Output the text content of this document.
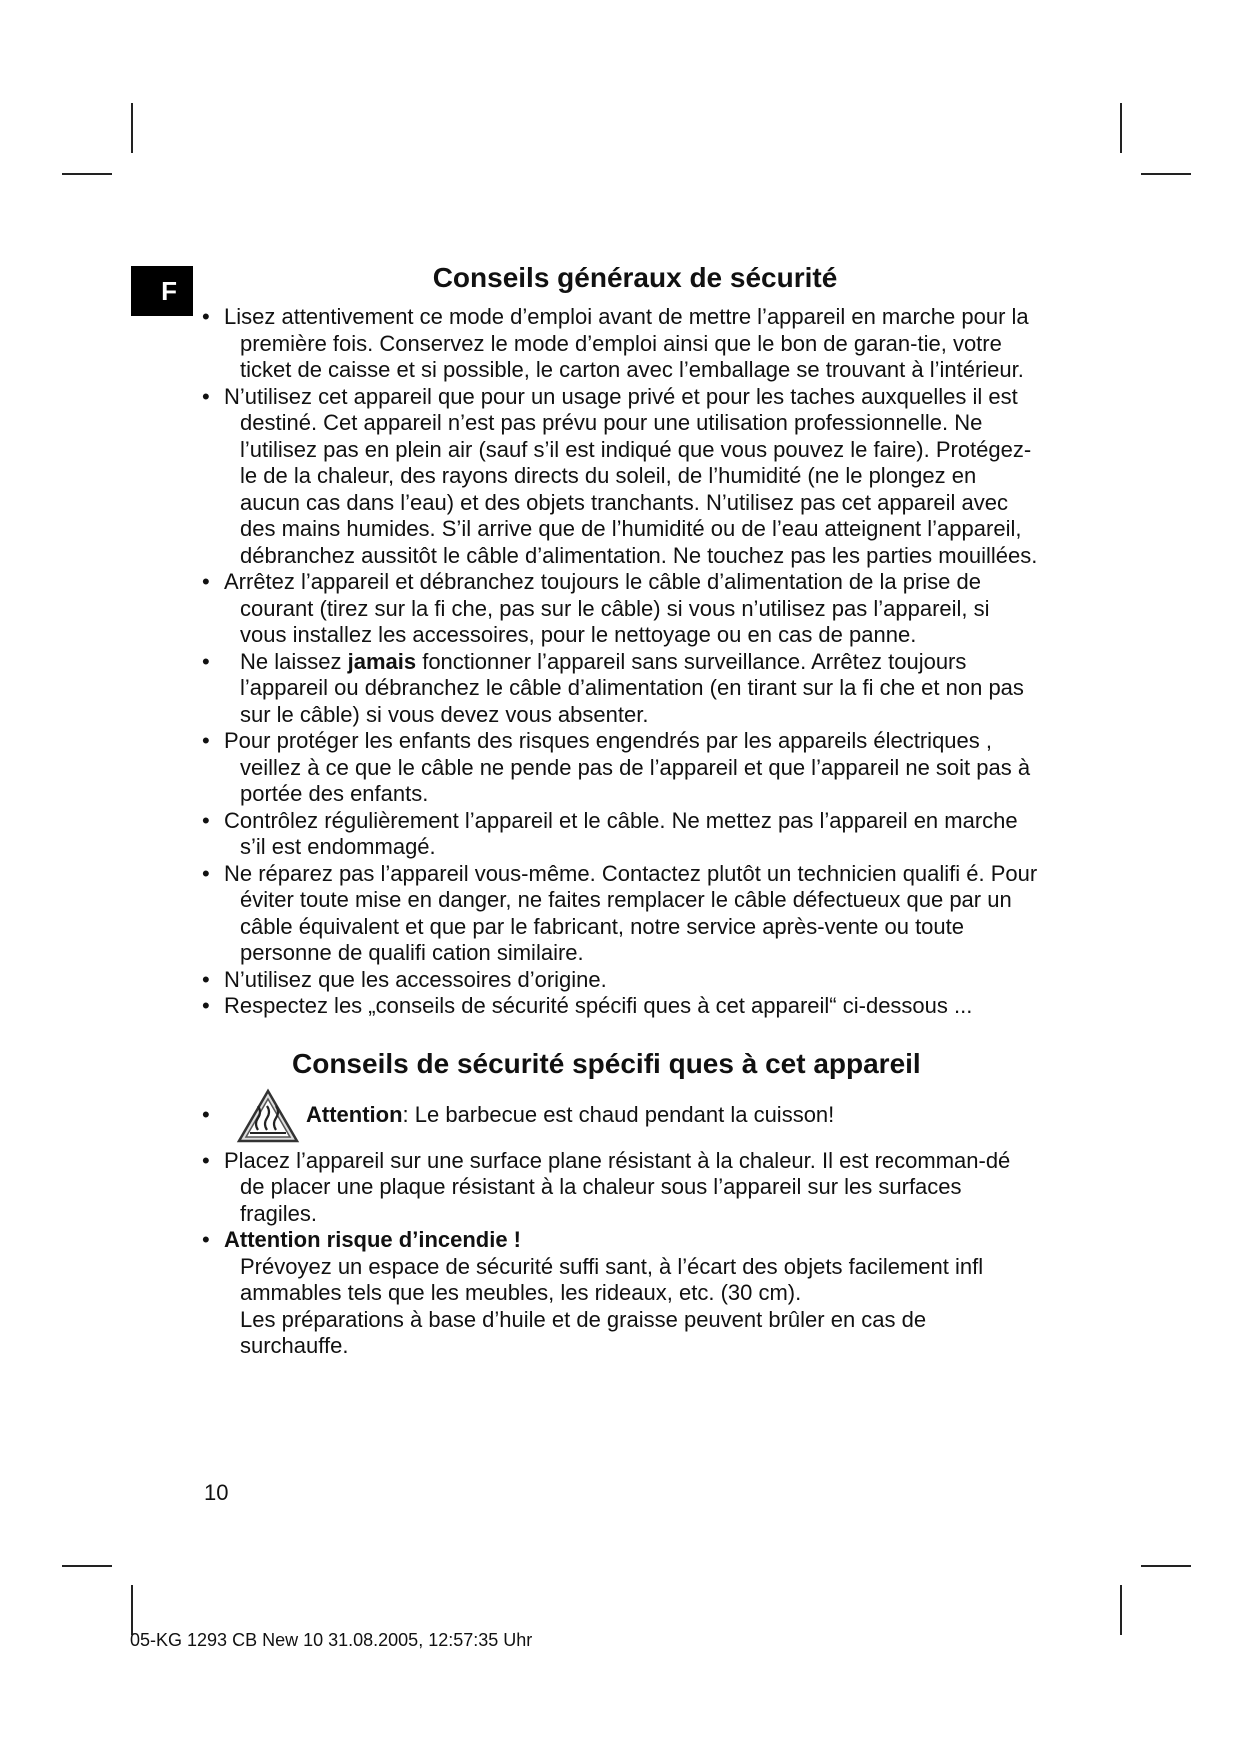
F	Conseils généraux de sécurité
• Lisez attentivement ce mode d’emploi avant de mettre l’appareil en marche pour la première fois. Conservez le mode d’emploi ainsi que le bon de garan-tie, votre ticket de caisse et si possible, le carton avec l’emballage se trouvant à l’intérieur.
• N’utilisez cet appareil que pour un usage privé et pour les taches auxquelles il est destiné. Cet appareil n’est pas prévu pour une utilisation professionnelle. Ne l’utilisez pas en plein air (sauf s’il est indiqué que vous pouvez le faire). Protégez-le de la chaleur, des rayons directs du soleil, de l’humidité (ne le plongez en aucun cas dans l’eau) et des objets tranchants. N’utilisez pas cet appareil avec des mains humides. S’il arrive que de l’humidité ou de l’eau atteignent l’appareil, débranchez aussitôt le câble d’alimentation. Ne touchez pas les parties mouillées.
• Arrêtez l’appareil et débranchez toujours le câble d’alimentation de la prise de courant (tirez sur la fi che, pas sur le câble) si vous n’utilisez pas l’appareil, si vous installez les accessoires, pour le nettoyage ou en cas de panne.
• Ne laissez jamais fonctionner l’appareil sans surveillance. Arrêtez toujours l’appareil ou débranchez le câble d’alimentation (en tirant sur la fi che et non pas sur le câble) si vous devez vous absenter.
• Pour protéger les enfants des risques engendrés par les appareils électriques , veillez à ce que le câble ne pende pas de l’appareil et que l’appareil ne soit pas à portée des enfants.
• Contrôlez régulièrement l’appareil et le câble. Ne mettez pas l’appareil en marche s’il est endommagé.
• Ne réparez pas l’appareil vous-même. Contactez plutôt un technicien qualifi é. Pour éviter toute mise en danger, ne faites remplacer le câble défectueux que par un câble équivalent et que par le fabricant, notre service après-vente ou toute personne de qualifi cation similaire.
• N’utilisez que les accessoires d’origine.
• Respectez les „conseils de sécurité spécifi ques à cet appareil“ ci-dessous ...
Conseils de sécurité spécifi ques à cet appareil
• Attention: Le barbecue est chaud pendant la cuisson!
• Placez l’appareil sur une surface plane résistant à la chaleur. Il est recomman-dé de placer une plaque résistant à la chaleur sous l’appareil sur les surfaces fragiles.
• Attention risque d’incendie !
Prévoyez un espace de sécurité suffi sant, à l’écart des objets facilement infl ammables tels que les meubles, les rideaux, etc. (30 cm).
Les préparations à base d’huile et de graisse peuvent brûler en cas de surchauffe.
10
05-KG 1293 CB New 10 31.08.2005, 12:57:35 Uhr
